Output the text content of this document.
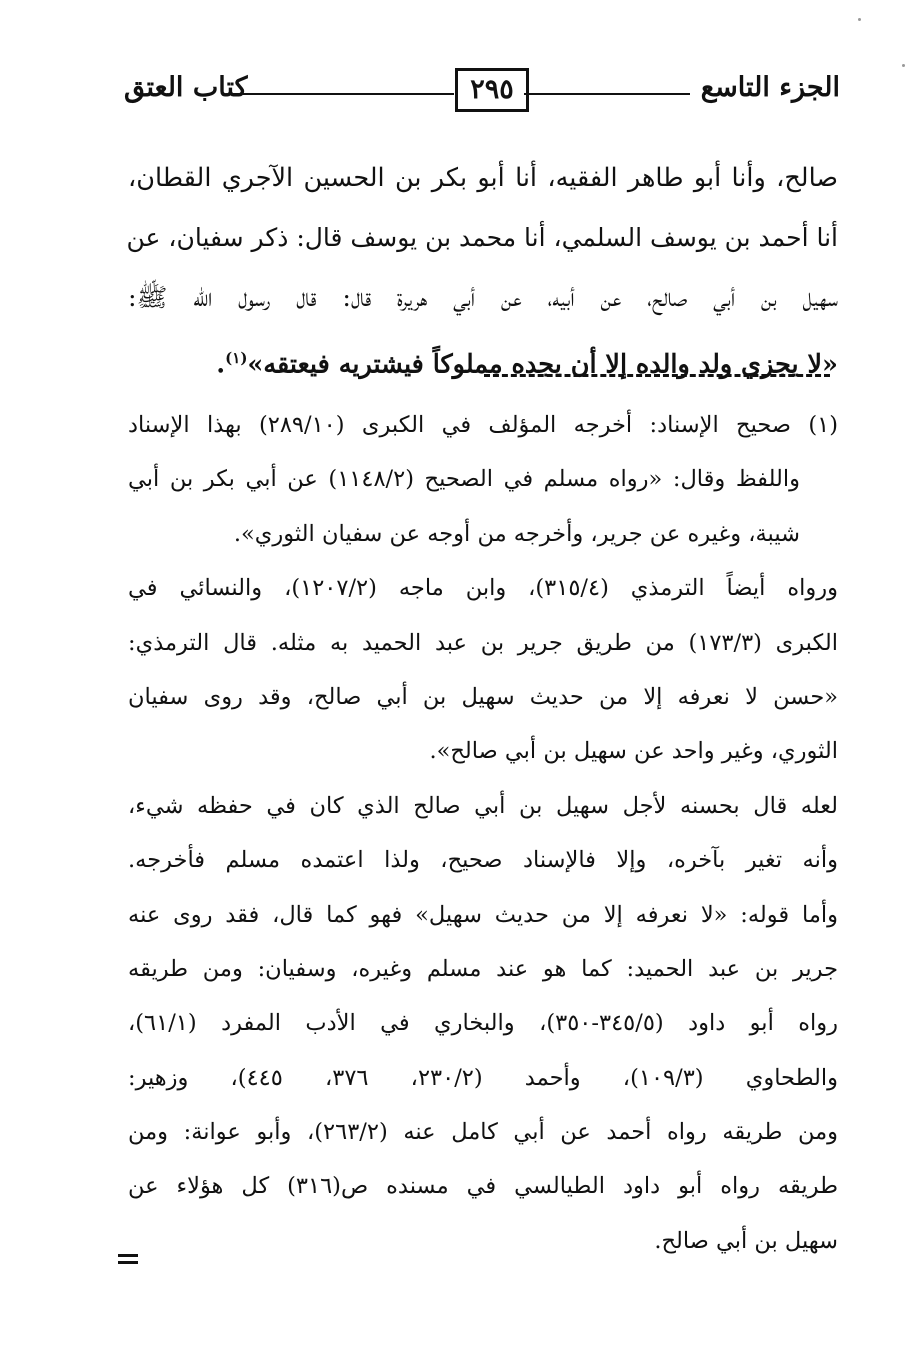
الجزء التاسع
٢٩٥
كتاب العتق

صالح، وأنا أبو طاهر الفقيه، أنا أبو بكر بن الحسين الآجري القطان،

أنا أحمد بن يوسف السلمي، أنا محمد بن يوسف قال: ذكر سفيان، عن

سهيل بن أبي صالح، عن أبيه، عن أبي هريرة قال: قال رسول الله ﷺ:

«لا يجزي ولد والده إلا أن يجده مملوكاً فيشتريه فيعتقه»$^{(١)}$.

(١) صحيح الإسناد: أخرجه المؤلف في الكبرى (٢٨٩/١٠) بهذا الإسناد

واللفظ وقال: «رواه مسلم في الصحيح (١١٤٨/٢) عن أبي بكر بن أبي

شيبة، وغيره عن جرير، وأخرجه من أوجه عن سفيان الثوري».

ورواه أيضاً الترمذي (٣١٥/٤)، وابن ماجه (١٢٠٧/٢)، والنسائي في

الكبرى (١٧٣/٣) من طريق جرير بن عبد الحميد به مثله. قال الترمذي:

«حسن لا نعرفه إلا من حديث سهيل بن أبي صالح، وقد روى سفيان

الثوري، وغير واحد عن سهيل بن أبي صالح».

لعله قال بحسنه لأجل سهيل بن أبي صالح الذي كان في حفظه شيء،

وأنه تغير بآخره، وإلا فالإسناد صحيح، ولذا اعتمده مسلم فأخرجه.

وأما قوله: «لا نعرفه إلا من حديث سهيل» فهو كما قال، فقد روى عنه

جرير بن عبد الحميد: كما هو عند مسلم وغيره، وسفيان: ومن طريقه

رواه أبو داود (٣٤٥/٥-٣٥٠)، والبخاري في الأدب المفرد (٦١/١)،

والطحاوي (١٠٩/٣)، وأحمد (٢٣٠/٢، ٣٧٦، ٤٤٥)، وزهير:

ومن طريقه رواه أحمد عن أبي كامل عنه (٢٦٣/٢)، وأبو عوانة: ومن

طريقه رواه أبو داود الطيالسي في مسنده ص(٣١٦) كل هؤلاء عن

سهيل بن أبي صالح.
